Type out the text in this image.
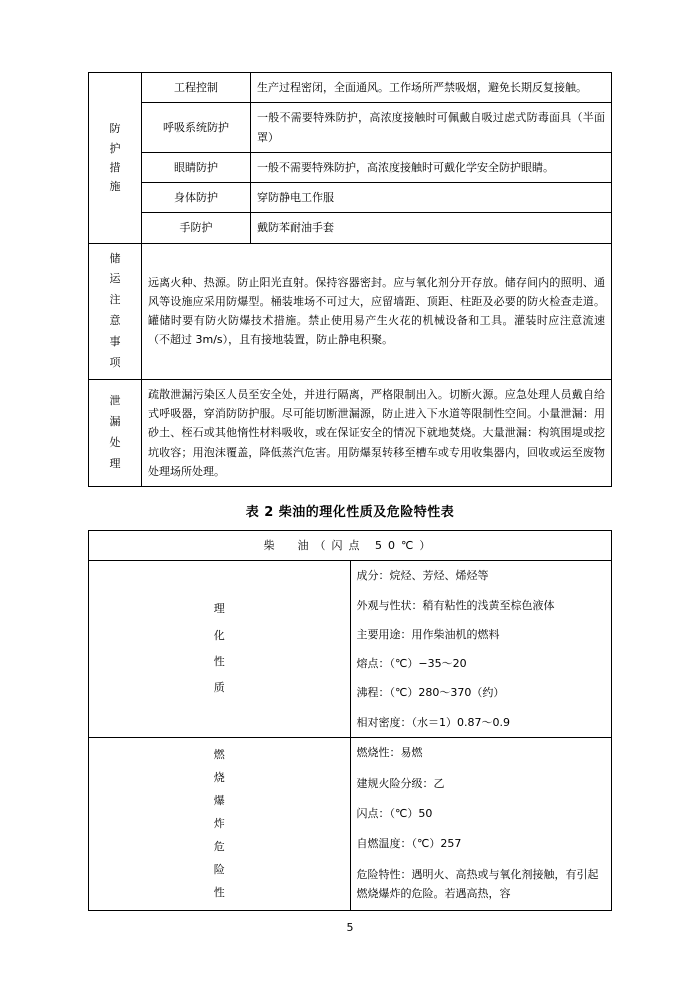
防
护
措
施	工程控制	生产过程密闭，全面通风。工作场所严禁吸烟，避免长期反复接触。
	呼吸系统防护	一般不需要特殊防护，高浓度接触时可佩戴自吸过虑式防毒面具（半面罩）
	眼睛防护	一般不需要特殊防护，高浓度接触时可戴化学安全防护眼睛。
	身体防护	穿防静电工作服
	手防护	戴防苯耐油手套

储
运
注
意
事
项
	远离火种、热源。防止阳光直射。保持容器密封。应与氧化剂分开存放。储存间内的照明、通风等设施应采用防爆型。桶装堆场不可过大，应留墙距、顶距、柱距及必要的防火检查走道。罐储时要有防火防爆技术措施。禁止使用易产生火花的机械设备和工具。灌装时应注意流速（不超过 3m/s），且有接地装置，防止静电积聚。

泄
漏
处
理	疏散泄漏污染区人员至安全处，并进行隔离，严格限制出入。切断火源。应急处理人员戴自给式呼吸器，穿消防防护服。尽可能切断泄漏源，防止进入下水道等限制性空间。小量泄漏：用砂土、桎石或其他惰性材料吸收，或在保证安全的情况下就地焚烧。大量泄漏：构筑围堤或挖坑收容；用泡沫覆盖，降低蒸汽危害。用防爆泵转移至槽车或专用收集器内，回收或运至废物处理场所处理。	
表 2 柴油的理化性质及危险特性表
柴　油（闪点 50℃）	

理
化
性
质	成分：烷烃、芳烃、烯烃等
	外观与性状：稍有粘性的浅黄至棕色液体
	主要用途：用作柴油机的燃料
	熔点：（℃）−35～20
	沸程：（℃）280～370（约）
	相对密度：（水＝1）0.87～0.9

燃
烧
爆
炸
危
险
性
	燃烧性：易燃
	建规火险分级：乙
	闪点：（℃）50
	自燃温度：（℃）257
	危险特性：遇明火、高热或与氧化剂接触，有引起燃烧爆炸的危险。若遇高热，容
5
